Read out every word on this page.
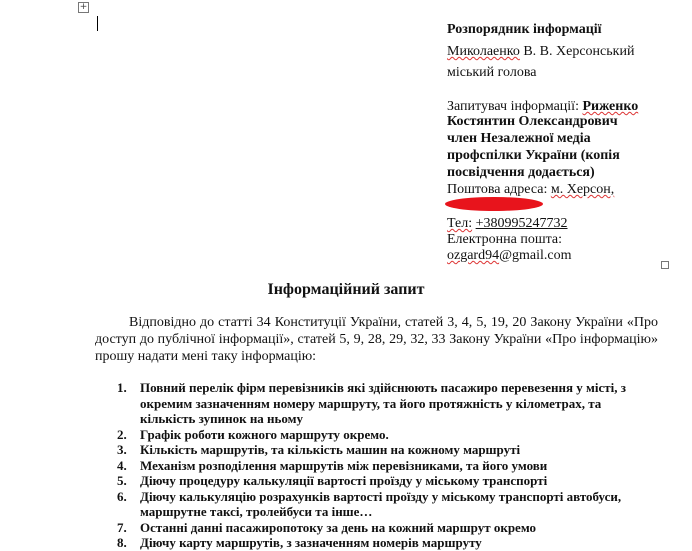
+
Розпорядник інформації
Миколаенко В. В. Херсонський
міський голова
Запитувач інформації: Риженко
Костянтин Олександрович
член Незалежної медіа
профспілки України (копія
посвідчення додається)
Поштова адреса: м. Херсон,
Тел: +380995247732
Електронна пошта:
ozgard94@gmail.com
Інформаційний запит
Відповідно до статті 34 Конституції України, статей 3, 4, 5, 19, 20 Закону України «Про доступ до публічної інформації», статей 5, 9, 28, 29, 32, 33 Закону України «Про інформацію» прошу надати мені таку інформацію:
1. Повний перелік фірм перевізників які здійснюють пасажиро перевезення у місті, з окремим зазначенням номеру маршруту, та його протяжність у кілометрах, та кількість зупинок на ньому
2. Графік роботи кожного маршруту окремо.
3. Кількість маршрутів, та кількість машин на кожному маршруті
4. Механізм розподілення маршрутів між перевізниками, та його умови
5. Діючу процедуру калькуляції вартості проїзду у міському транспорті
6. Діючу калькуляцію розрахунків вартості проїзду у міському транспорті автобуси, маршрутне таксі, тролейбуси та інше…
7. Останні данні пасажиропотоку за день на кожний маршрут окремо
8. Діючу карту маршрутів, з зазначенням номерів маршруту
